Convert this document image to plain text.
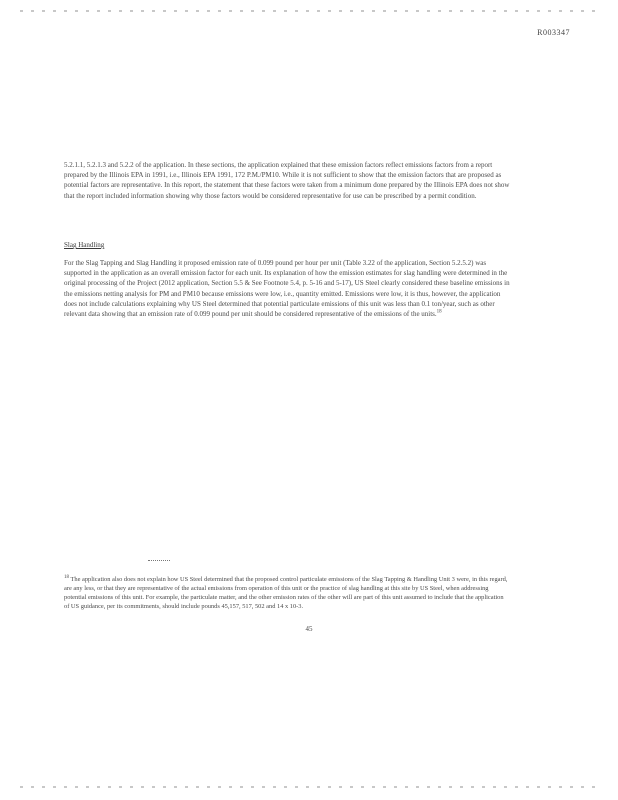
R003347

5.2.1.1, 5.2.1.3 and 5.2.2 of the application. In these sections, the application explained that these emission factors reflect emissions factors from a report prepared by the Illinois EPA in 1991, i.e., Illinois EPA 1991, 172 P.M./PM10. While it is not sufficient to show that the emission factors that are proposed as potential factors are representative. In this report, the statement that these factors were taken from a minimum done prepared by the Illinois EPA does not show that the report included information showing why those factors would be considered representative for use can be prescribed by a permit condition.

Slag Handling

For the Slag Tapping and Slag Handling it proposed emission rate of 0.099 pound per hour per unit (Table 3.22 of the application, Section 5.2.5.2) was supported in the application as an overall emission factor for each unit. Its explanation of how the emission estimates for slag handling were determined in the original processing of the Project (2012 application, Section 5.5 & See Footnote 5.4, p. 5-16 and 5-17), US Steel clearly considered these baseline emissions in the emissions netting analysis for PM and PM10 because emissions were low, i.e., quantity emitted. Emissions were low, it is thus, however, the application does not include calculations explaining why US Steel determined that potential particulate emissions of this unit was less than 0.1 ton/year, such as other relevant data showing that an emission rate of 0.099 pound per unit should be considered representative of the emissions of the units.$^{18}$

$^{18}$ The application also does not explain how US Steel determined that the proposed control particulate emissions of the Slag Tapping & Handling Unit 3 were, in this regard, are any less, or that they are representative of the actual emissions from operation of this unit or the practice of slag handling at this site by US Steel, when addressing potential emissions of this unit. For example, the particulate matter, and the other emission rates of the other will are part of this unit assumed to include that the application of US guidance, per its commitments, should include pounds 45,157, 517, 502 and 14 x 10-3.

45
